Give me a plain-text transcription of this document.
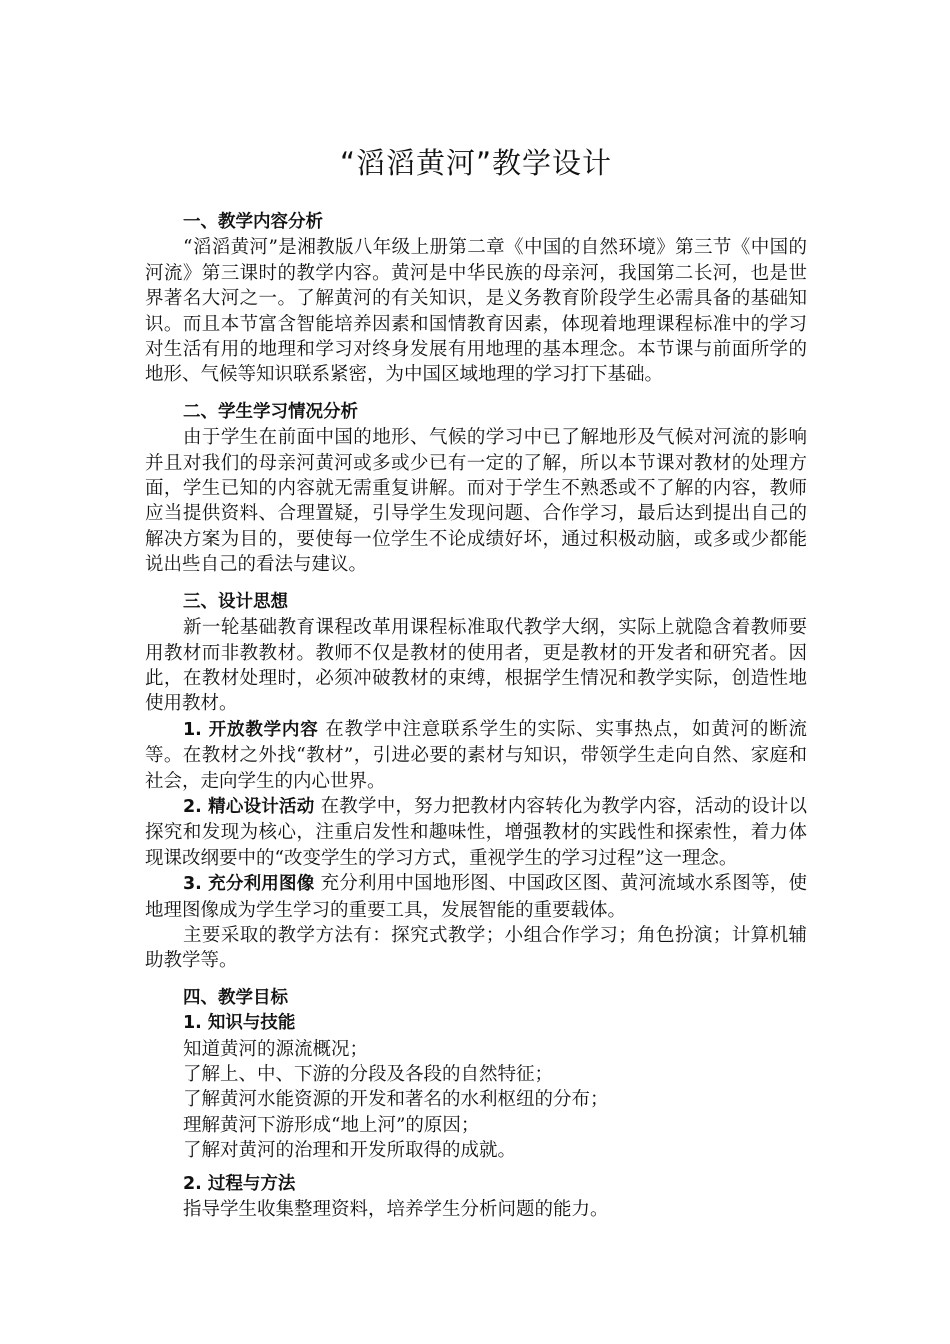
“滔滔黄河”教学设计

一、教学内容分析

“滔滔黄河”是湘教版八年级上册第二章《中国的自然环境》第三节《中国的河流》第三课时的教学内容。黄河是中华民族的母亲河，我国第二长河，也是世界著名大河之一。了解黄河的有关知识，是义务教育阶段学生必需具备的基础知识。而且本节富含智能培养因素和国情教育因素，体现着地理课程标准中的学习对生活有用的地理和学习对终身发展有用地理的基本理念。本节课与前面所学的地形、气候等知识联系紧密，为中国区域地理的学习打下基础。

二、学生学习情况分析

由于学生在前面中国的地形、气候的学习中已了解地形及气候对河流的影响并且对我们的母亲河黄河或多或少已有一定的了解，所以本节课对教材的处理方面，学生已知的内容就无需重复讲解。而对于学生不熟悉或不了解的内容，教师应当提供资料、合理置疑，引导学生发现问题、合作学习，最后达到提出自己的解决方案为目的，要使每一位学生不论成绩好坏，通过积极动脑，或多或少都能说出些自己的看法与建议。

三、设计思想

新一轮基础教育课程改革用课程标准取代教学大纲，实际上就隐含着教师要用教材而非教教材。教师不仅是教材的使用者，更是教材的开发者和研究者。因此，在教材处理时，必须冲破教材的束缚，根据学生情况和教学实际，创造性地使用教材。

1. 开放教学内容 在教学中注意联系学生的实际、实事热点，如黄河的断流等。在教材之外找“教材”，引进必要的素材与知识，带领学生走向自然、家庭和社会，走向学生的内心世界。

2. 精心设计活动 在教学中，努力把教材内容转化为教学内容，活动的设计以探究和发现为核心，注重启发性和趣味性，增强教材的实践性和探索性，着力体现课改纲要中的“改变学生的学习方式，重视学生的学习过程”这一理念。

3. 充分利用图像 充分利用中国地形图、中国政区图、黄河流域水系图等，使地理图像成为学生学习的重要工具，发展智能的重要载体。

主要采取的教学方法有：探究式教学；小组合作学习；角色扮演；计算机辅助教学等。

四、教学目标

1. 知识与技能

知道黄河的源流概况；

了解上、中、下游的分段及各段的自然特征；

了解黄河水能资源的开发和著名的水利枢纽的分布；

理解黄河下游形成“地上河”的原因；

了解对黄河的治理和开发所取得的成就。

2. 过程与方法

指导学生收集整理资料，培养学生分析问题的能力。
